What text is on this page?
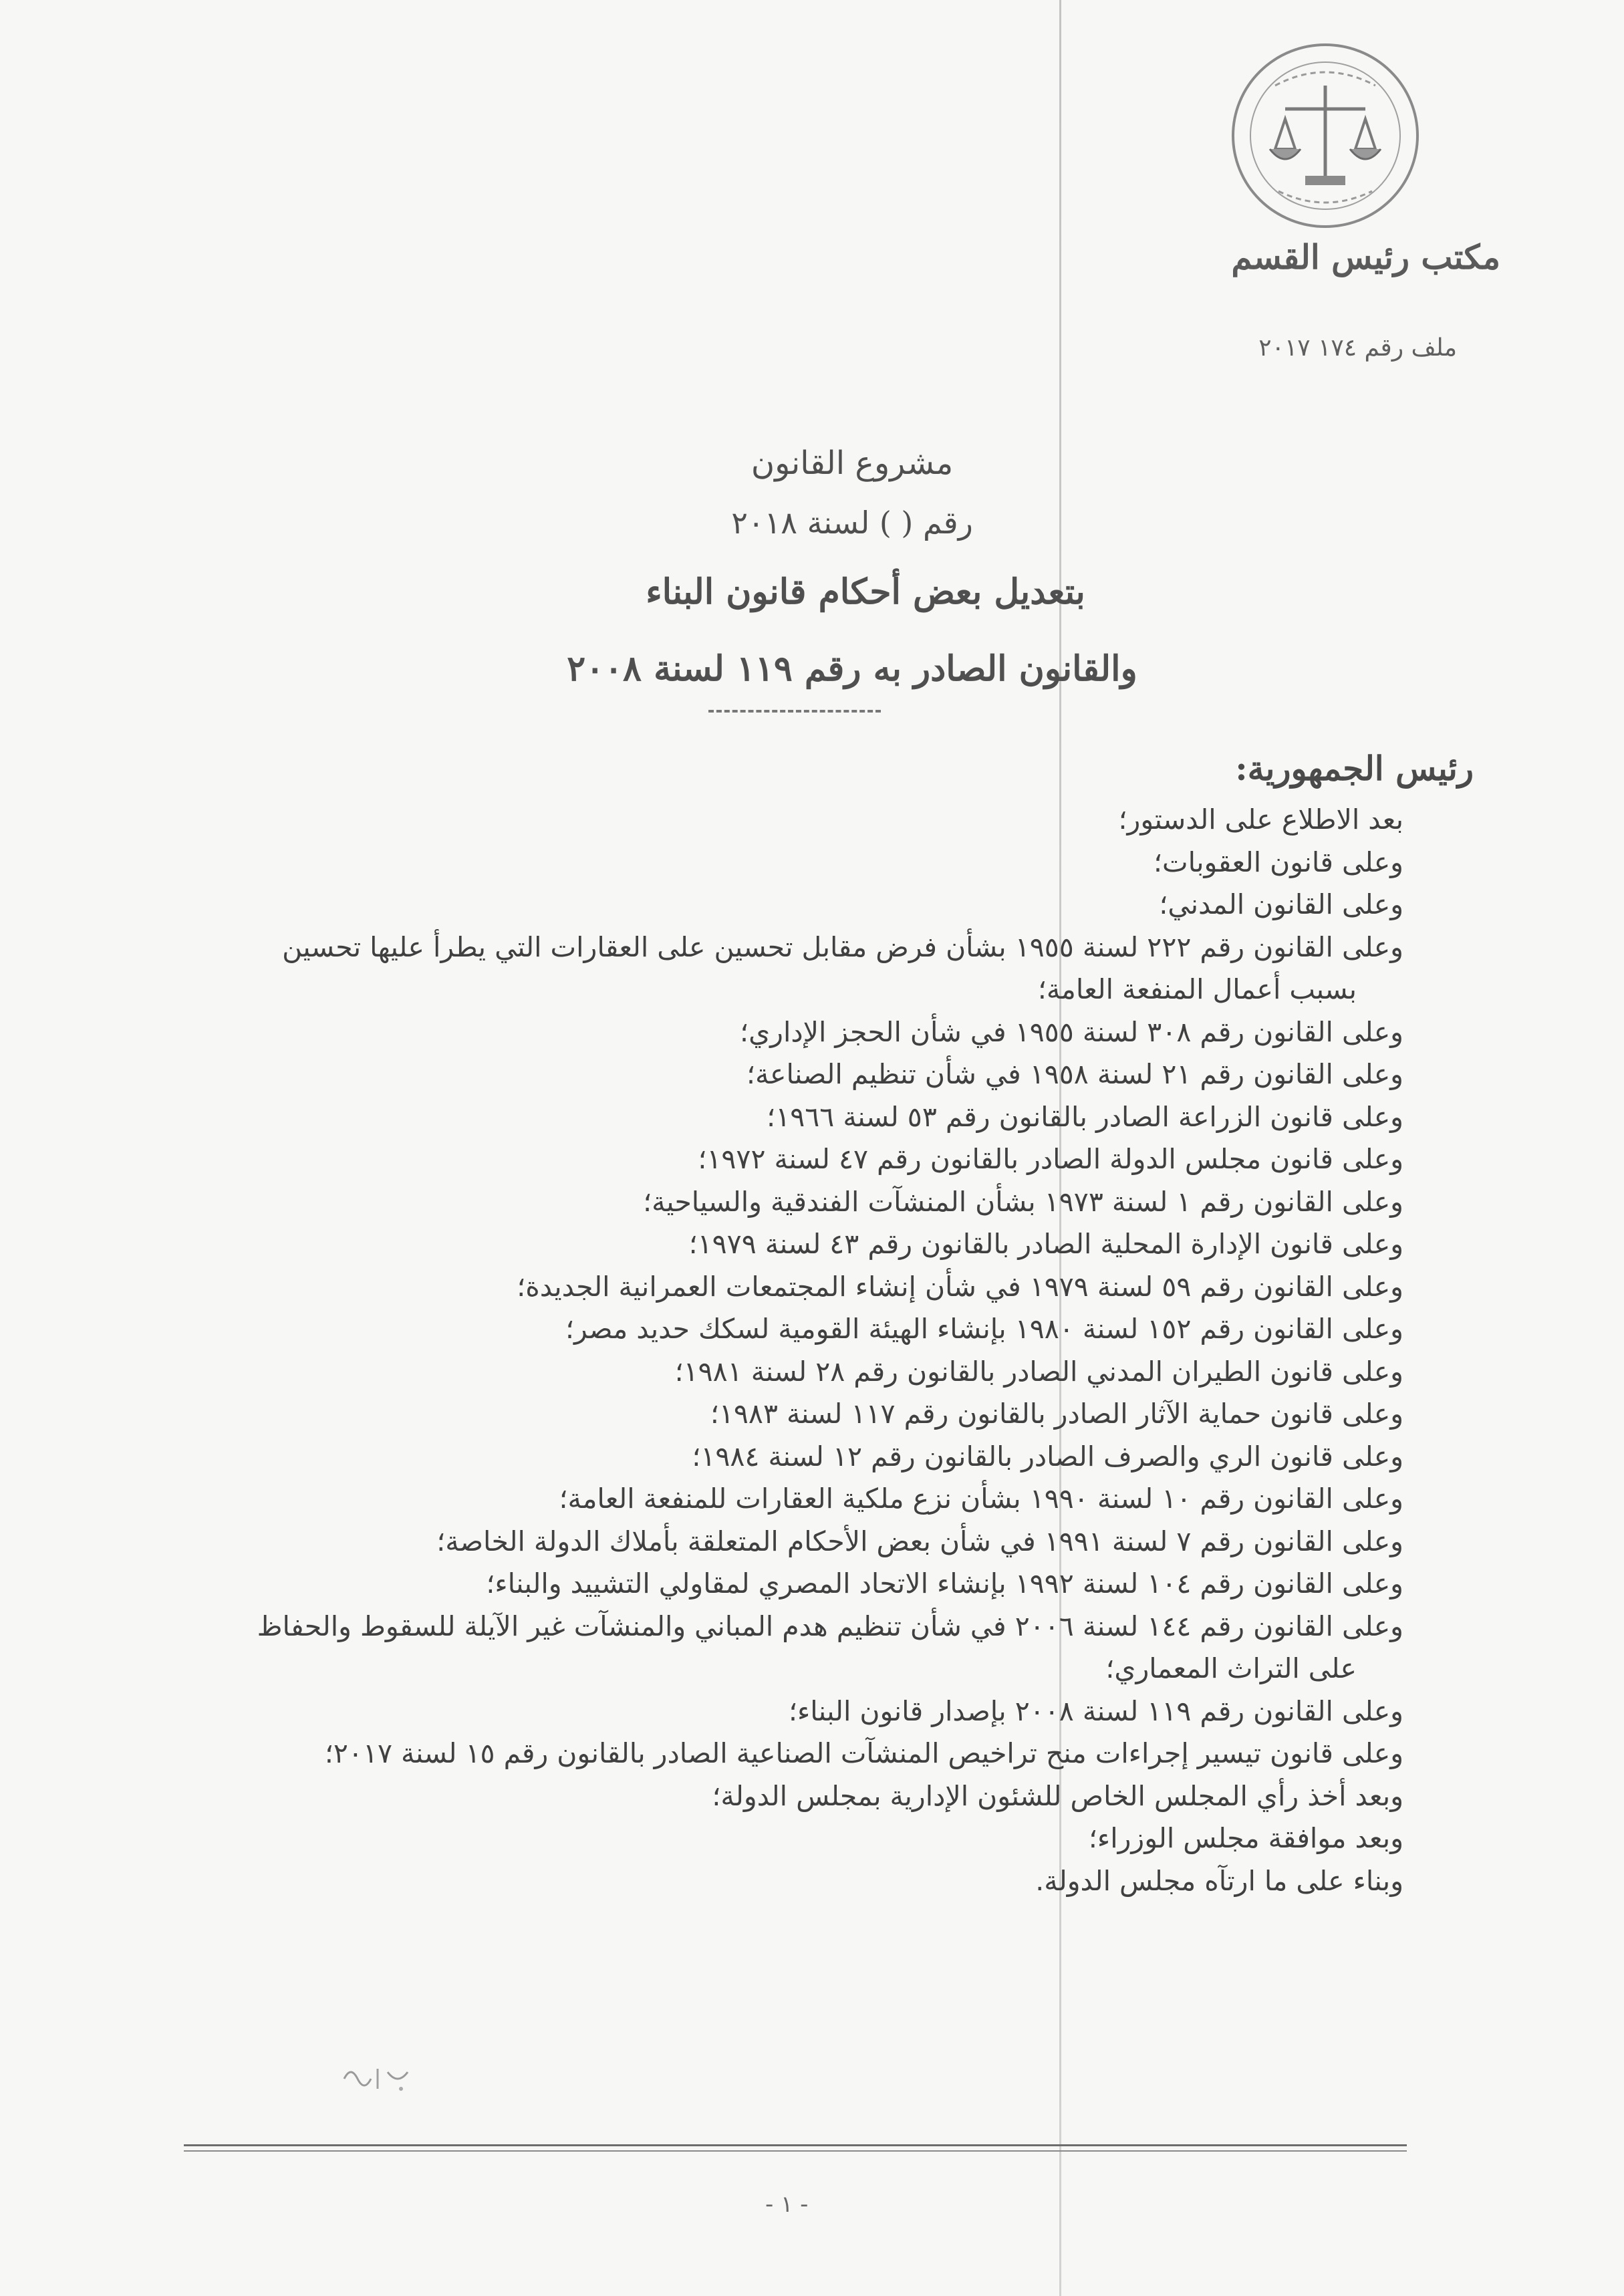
مكتب رئيس القسم
ملف رقم ١٧٤ ٢٠١٧
مشروع القانون
رقم ( ) لسنة ٢٠١٨
بتعديل بعض أحكام قانون البناء
والقانون الصادر به رقم ١١٩ لسنة ٢٠٠٨
رئيس الجمهورية:
بعد الاطلاع على الدستور؛
وعلى قانون العقوبات؛
وعلى القانون المدني؛
وعلى القانون رقم ٢٢٢ لسنة ١٩٥٥ بشأن فرض مقابل تحسين على العقارات التي يطرأ عليها تحسين
بسبب أعمال المنفعة العامة؛
وعلى القانون رقم ٣٠٨ لسنة ١٩٥٥ في شأن الحجز الإداري؛
وعلى القانون رقم ٢١ لسنة ١٩٥٨ في شأن تنظيم الصناعة؛
وعلى قانون الزراعة الصادر بالقانون رقم ٥٣ لسنة ١٩٦٦؛
وعلى قانون مجلس الدولة الصادر بالقانون رقم ٤٧ لسنة ١٩٧٢؛
وعلى القانون رقم ١ لسنة ١٩٧٣ بشأن المنشآت الفندقية والسياحية؛
وعلى قانون الإدارة المحلية الصادر بالقانون رقم ٤٣ لسنة ١٩٧٩؛
وعلى القانون رقم ٥٩ لسنة ١٩٧٩ في شأن إنشاء المجتمعات العمرانية الجديدة؛
وعلى القانون رقم ١٥٢ لسنة ١٩٨٠ بإنشاء الهيئة القومية لسكك حديد مصر؛
وعلى قانون الطيران المدني الصادر بالقانون رقم ٢٨ لسنة ١٩٨١؛
وعلى قانون حماية الآثار الصادر بالقانون رقم ١١٧ لسنة ١٩٨٣؛
وعلى قانون الري والصرف الصادر بالقانون رقم ١٢ لسنة ١٩٨٤؛
وعلى القانون رقم ١٠ لسنة ١٩٩٠ بشأن نزع ملكية العقارات للمنفعة العامة؛
وعلى القانون رقم ٧ لسنة ١٩٩١ في شأن بعض الأحكام المتعلقة بأملاك الدولة الخاصة؛
وعلى القانون رقم ١٠٤ لسنة ١٩٩٢ بإنشاء الاتحاد المصري لمقاولي التشييد والبناء؛
وعلى القانون رقم ١٤٤ لسنة ٢٠٠٦ في شأن تنظيم هدم المباني والمنشآت غير الآيلة للسقوط والحفاظ
على التراث المعماري؛
وعلى القانون رقم ١١٩ لسنة ٢٠٠٨ بإصدار قانون البناء؛
وعلى قانون تيسير إجراءات منح تراخيص المنشآت الصناعية الصادر بالقانون رقم ١٥ لسنة ٢٠١٧؛
وبعد أخذ رأي المجلس الخاص للشئون الإدارية بمجلس الدولة؛
وبعد موافقة مجلس الوزراء؛
وبناء على ما ارتآه مجلس الدولة.
- ١ -
